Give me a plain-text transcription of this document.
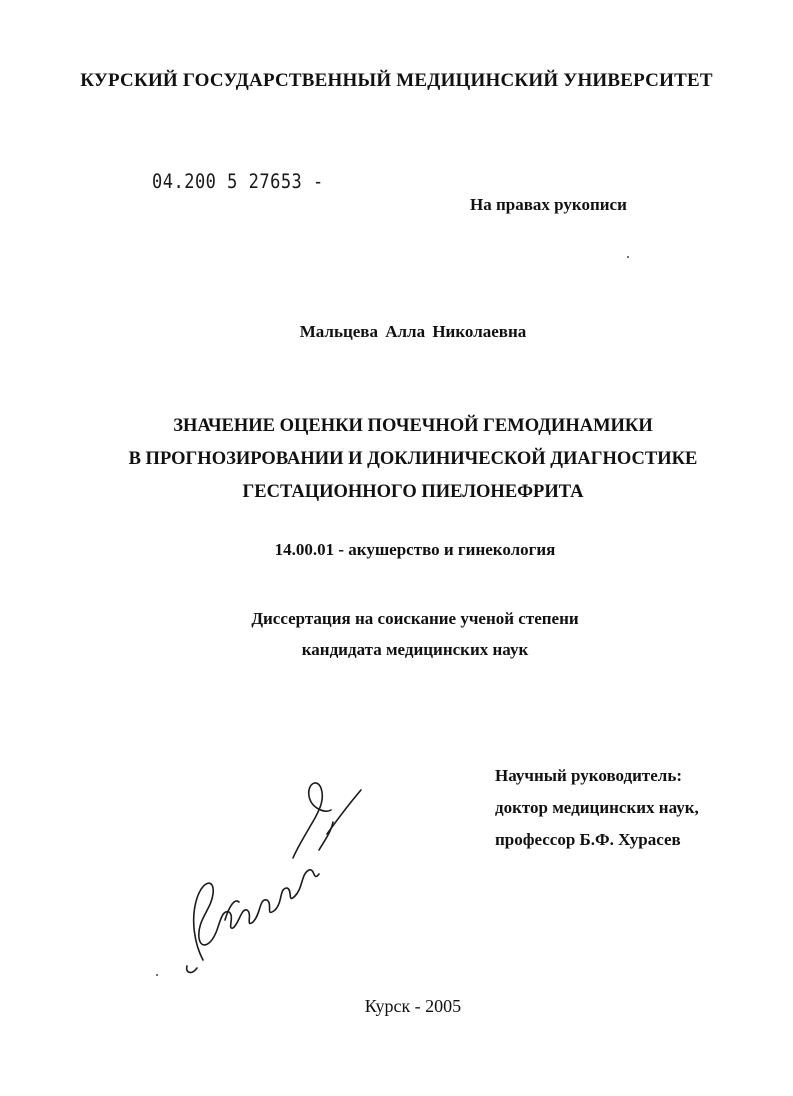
КУРСКИЙ ГОСУДАРСТВЕННЫЙ МЕДИЦИНСКИЙ УНИВЕРСИТЕТ
04.200 5 27653 -
На правах рукописи
Мальцева Алла Николаевна
ЗНАЧЕНИЕ ОЦЕНКИ ПОЧЕЧНОЙ ГЕМОДИНАМИКИ
В ПРОГНОЗИРОВАНИИ И ДОКЛИНИЧЕСКОЙ ДИАГНОСТИКЕ
ГЕСТАЦИОННОГО ПИЕЛОНЕФРИТА
14.00.01 - акушерство и гинекология
Диссертация на соискание ученой степени
кандидата медицинских наук
Научный руководитель:
доктор медицинских наук,
профессор Б.Ф. Хурасев
Курск - 2005
